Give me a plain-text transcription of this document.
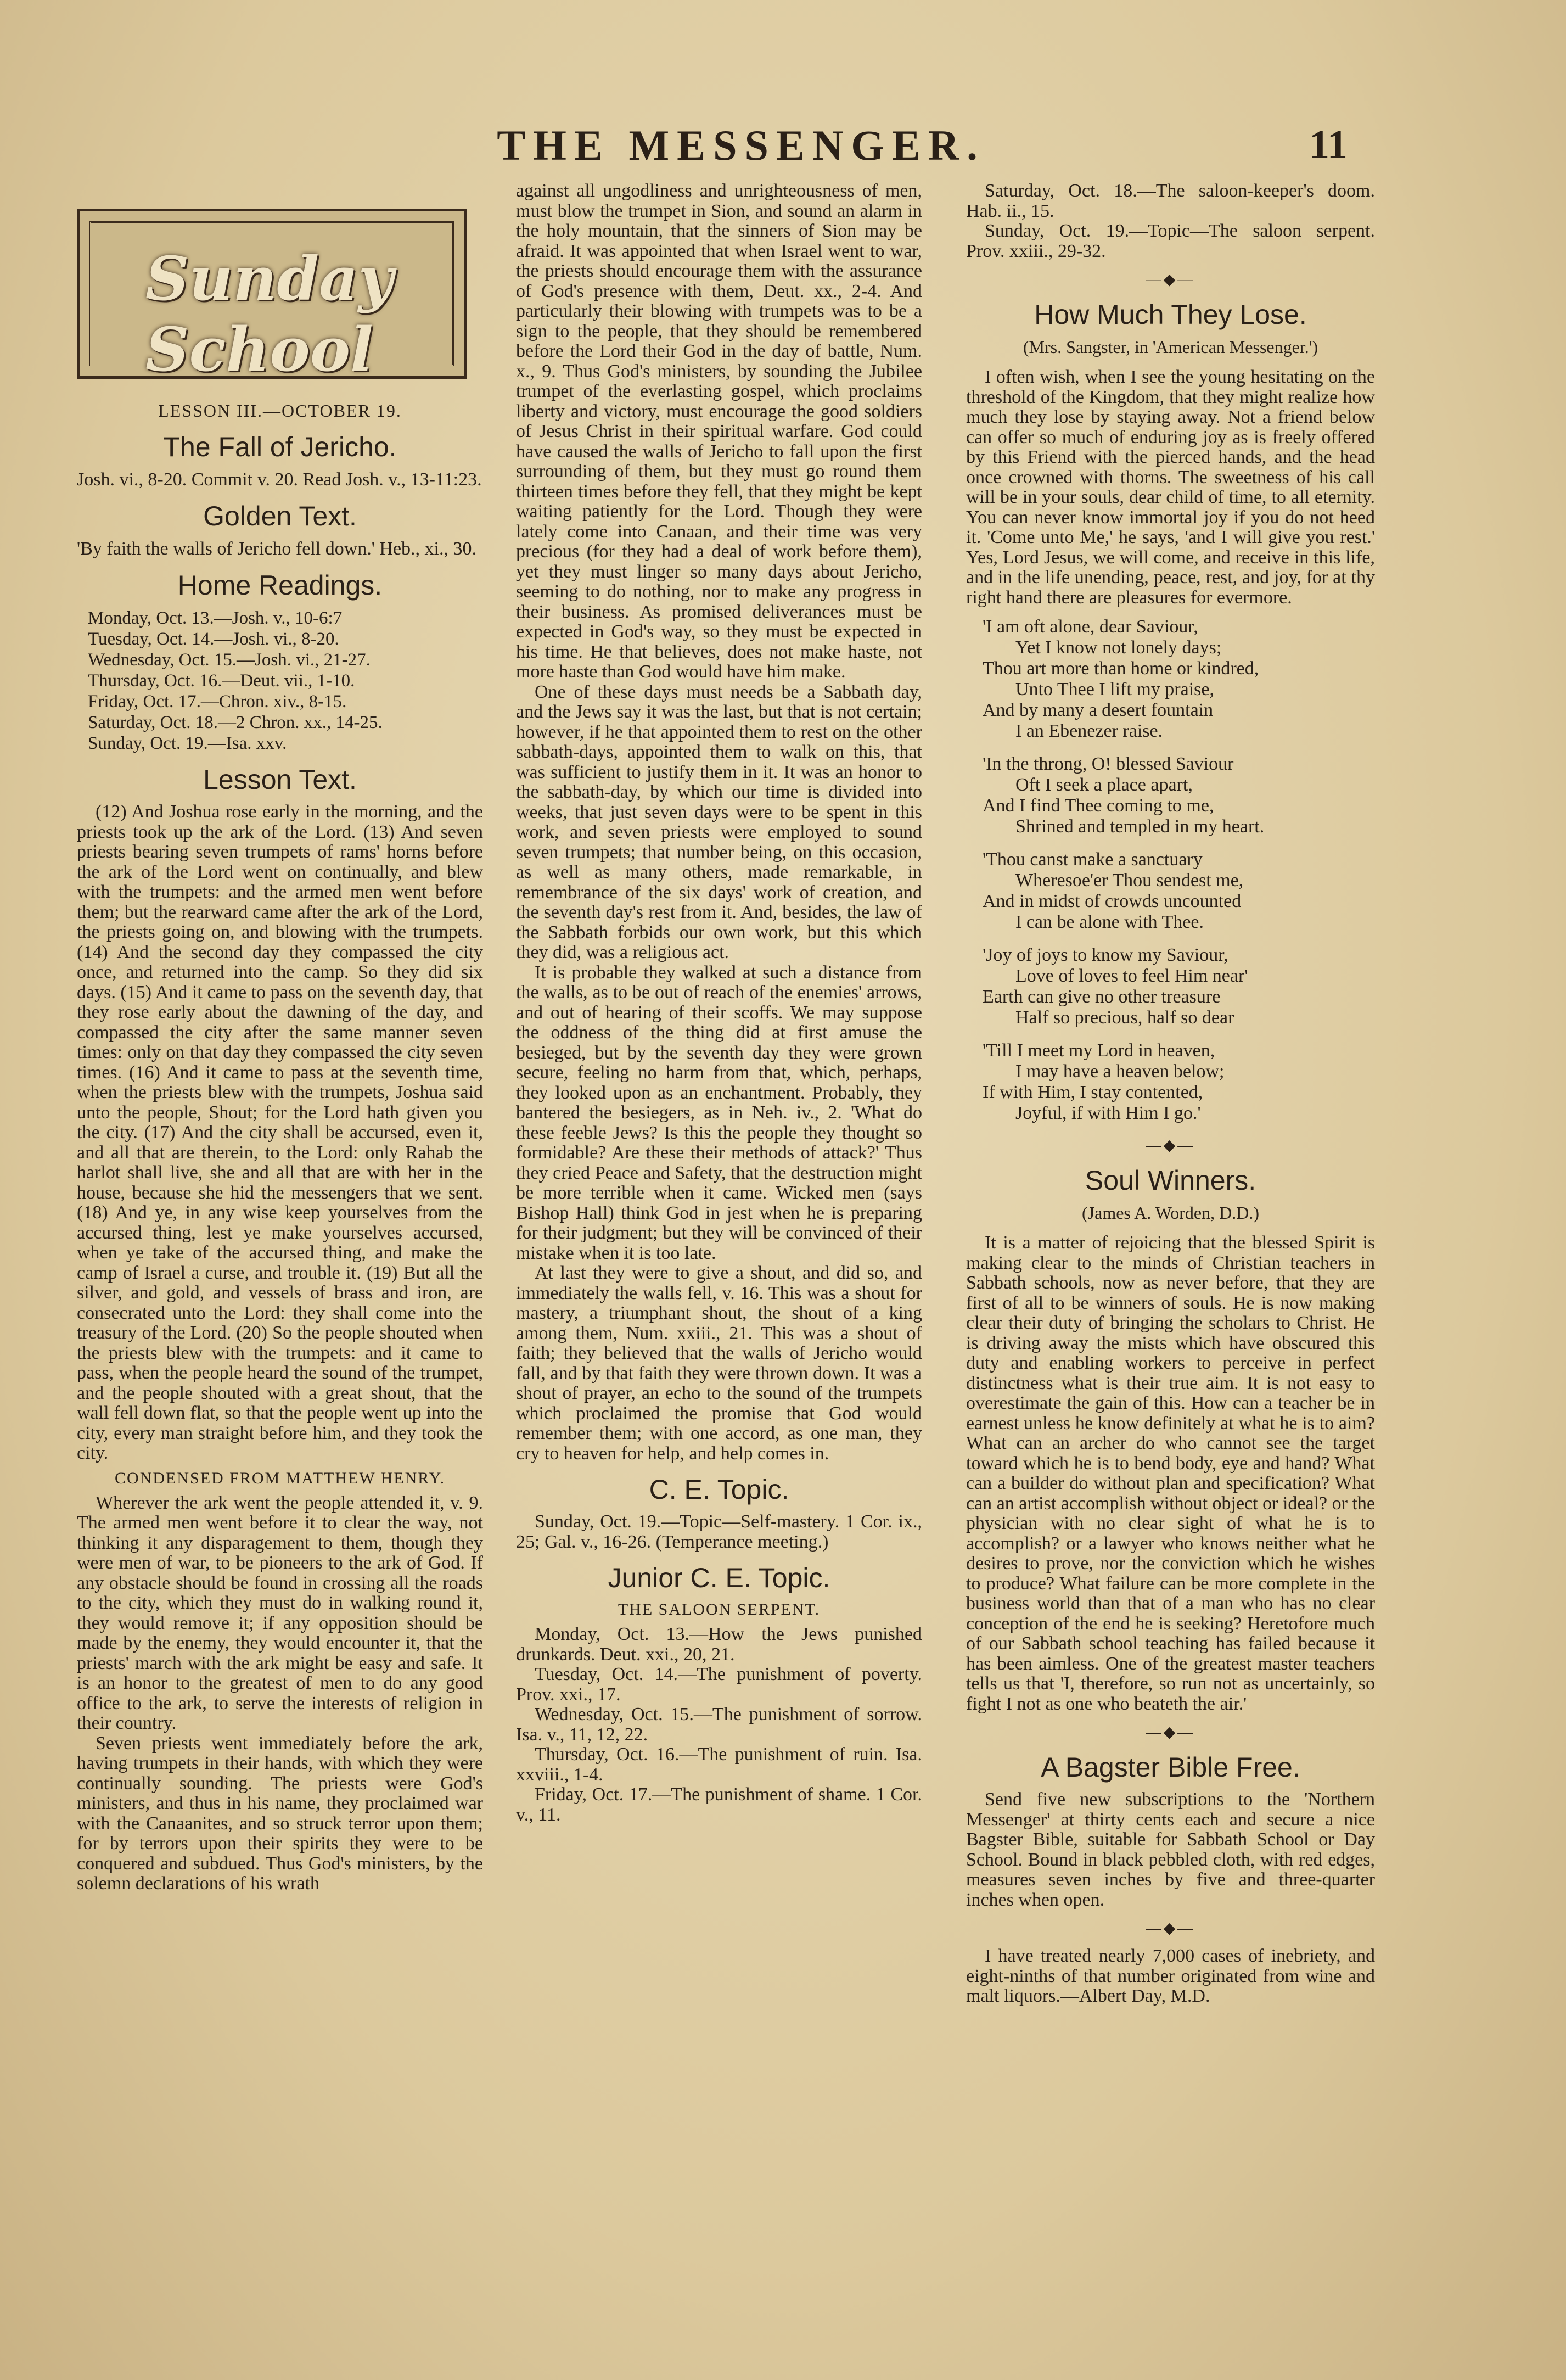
THE MESSENGER.	11
Sunday School
LESSON III.—OCTOBER 19.
The Fall of Jericho.

Josh. vi., 8-20. Commit v. 20. Read Josh. v., 13-11:23.

Golden Text.

'By faith the walls of Jericho fell down.' Heb., xi., 30.

Home Readings.

Monday, Oct. 13.—Josh. v., 10-6:7

Tuesday, Oct. 14.—Josh. vi., 8-20.

Wednesday, Oct. 15.—Josh. vi., 21-27.

Thursday, Oct. 16.—Deut. vii., 1-10.

Friday, Oct. 17.—Chron. xiv., 8-15.

Saturday, Oct. 18.—2 Chron. xx., 14-25.

Sunday, Oct. 19.—Isa. xxv.

Lesson Text.

(12) And Joshua rose early in the morning, and the priests took up the ark of the Lord. (13) And seven priests bearing seven trumpets of rams' horns before the ark of the Lord went on continually, and blew with the trumpets: and the armed men went before them; but the rearward came after the ark of the Lord, the priests going on, and blowing with the trumpets. (14) And the second day they compassed the city once, and returned into the camp. So they did six days. (15) And it came to pass on the seventh day, that they rose early about the dawning of the day, and compassed the city after the same manner seven times: only on that day they compassed the city seven times. (16) And it came to pass at the seventh time, when the priests blew with the trumpets, Joshua said unto the people, Shout; for the Lord hath given you the city. (17) And the city shall be accursed, even it, and all that are therein, to the Lord: only Rahab the harlot shall live, she and all that are with her in the house, because she hid the messengers that we sent. (18) And ye, in any wise keep yourselves from the accursed thing, lest ye make yourselves accursed, when ye take of the accursed thing, and make the camp of Israel a curse, and trouble it. (19) But all the silver, and gold, and vessels of brass and iron, are consecrated unto the Lord: they shall come into the treasury of the Lord. (20) So the people shouted when the priests blew with the trumpets: and it came to pass, when the people heard the sound of the trumpet, and the people shouted with a great shout, that the wall fell down flat, so that the people went up into the city, every man straight before him, and they took the city.

CONDENSED FROM MATTHEW HENRY.

Wherever the ark went the people attended it, v. 9. The armed men went before it to clear the way, not thinking it any disparagement to them, though they were men of war, to be pioneers to the ark of God. If any obstacle should be found in crossing all the roads to the city, which they must do in walking round it, they would remove it; if any opposition should be made by the enemy, they would encounter it, that the priests' march with the ark might be easy and safe. It is an honor to the greatest of men to do any good office to the ark, to serve the interests of religion in their country.

Seven priests went immediately before the ark, having trumpets in their hands, with which they were continually sounding. The priests were God's ministers, and thus in his name, they proclaimed war with the Canaanites, and so struck terror upon them; for by terrors upon their spirits they were to be conquered and subdued. Thus God's ministers, by the solemn declarations of his wrath

against all ungodliness and unrighteousness of men, must blow the trumpet in Sion, and sound an alarm in the holy mountain, that the sinners of Sion may be afraid. It was appointed that when Israel went to war, the priests should encourage them with the assurance of God's presence with them, Deut. xx., 2-4. And particularly their blowing with trumpets was to be a sign to the people, that they should be remembered before the Lord their God in the day of battle, Num. x., 9. Thus God's ministers, by sounding the Jubilee trumpet of the everlasting gospel, which proclaims liberty and victory, must encourage the good soldiers of Jesus Christ in their spiritual warfare. God could have caused the walls of Jericho to fall upon the first surrounding of them, but they must go round them thirteen times before they fell, that they might be kept waiting patiently for the Lord. Though they were lately come into Canaan, and their time was very precious (for they had a deal of work before them), yet they must linger so many days about Jericho, seeming to do nothing, nor to make any progress in their business. As promised deliverances must be expected in God's way, so they must be expected in his time. He that believes, does not make haste, not more haste than God would have him make.

One of these days must needs be a Sabbath day, and the Jews say it was the last, but that is not certain; however, if he that appointed them to rest on the other sabbath-days, appointed them to walk on this, that was sufficient to justify them in it. It was an honor to the sabbath-day, by which our time is divided into weeks, that just seven days were to be spent in this work, and seven priests were employed to sound seven trumpets; that number being, on this occasion, as well as many others, made remarkable, in remembrance of the six days' work of creation, and the seventh day's rest from it. And, besides, the law of the Sabbath forbids our own work, but this which they did, was a religious act.

It is probable they walked at such a distance from the walls, as to be out of reach of the enemies' arrows, and out of hearing of their scoffs. We may suppose the oddness of the thing did at first amuse the besieged, but by the seventh day they were grown secure, feeling no harm from that, which, perhaps, they looked upon as an enchantment. Probably, they bantered the besiegers, as in Neh. iv., 2. 'What do these feeble Jews? Is this the people they thought so formidable? Are these their methods of attack?' Thus they cried Peace and Safety, that the destruction might be more terrible when it came. Wicked men (says Bishop Hall) think God in jest when he is preparing for their judgment; but they will be convinced of their mistake when it is too late.

At last they were to give a shout, and did so, and immediately the walls fell, v. 16. This was a shout for mastery, a triumphant shout, the shout of a king among them, Num. xxiii., 21. This was a shout of faith; they believed that the walls of Jericho would fall, and by that faith they were thrown down. It was a shout of prayer, an echo to the sound of the trumpets which proclaimed the promise that God would remember them; with one accord, as one man, they cry to heaven for help, and help comes in.

C. E. Topic.

Sunday, Oct. 19.—Topic—Self-mastery. 1 Cor. ix., 25; Gal. v., 16-26. (Temperance meeting.)

Junior C. E. Topic.
THE SALOON SERPENT.

Monday, Oct. 13.—How the Jews punished drunkards. Deut. xxi., 20, 21.

Tuesday, Oct. 14.—The punishment of poverty. Prov. xxi., 17.

Wednesday, Oct. 15.—The punishment of sorrow. Isa. v., 11, 12, 22.

Thursday, Oct. 16.—The punishment of ruin. Isa. xxviii., 1-4.

Friday, Oct. 17.—The punishment of shame. 1 Cor. v., 11.

Saturday, Oct. 18.—The saloon-keeper's doom. Hab. ii., 15.

Sunday, Oct. 19.—Topic—The saloon serpent. Prov. xxiii., 29-32.

—◆—
How Much They Lose.
(Mrs. Sangster, in 'American Messenger.')

I often wish, when I see the young hesitating on the threshold of the Kingdom, that they might realize how much they lose by staying away. Not a friend below can offer so much of enduring joy as is freely offered by this Friend with the pierced hands, and the head once crowned with thorns. The sweetness of his call will be in your souls, dear child of time, to all eternity. You can never know immortal joy if you do not heed it. 'Come unto Me,' he says, 'and I will give you rest.' Yes, Lord Jesus, we will come, and receive in this life, and in the life unending, peace, rest, and joy, for at thy right hand there are pleasures for evermore.

'I am oft alone, dear Saviour,
Yet I know not lonely days;
Thou art more than home or kindred,
Unto Thee I lift my praise,
And by many a desert fountain
I an Ebenezer raise.
'In the throng, O! blessed Saviour
Oft I seek a place apart,
And I find Thee coming to me,
Shrined and templed in my heart.
'Thou canst make a sanctuary
Wheresoe'er Thou sendest me,
And in midst of crowds uncounted
I can be alone with Thee.
'Joy of joys to know my Saviour,
Love of loves to feel Him near'
Earth can give no other treasure
Half so precious, half so dear
'Till I meet my Lord in heaven,
I may have a heaven below;
If with Him, I stay contented,
Joyful, if with Him I go.'
—◆—
Soul Winners.
(James A. Worden, D.D.)

It is a matter of rejoicing that the blessed Spirit is making clear to the minds of Christian teachers in Sabbath schools, now as never before, that they are first of all to be winners of souls. He is now making clear their duty of bringing the scholars to Christ. He is driving away the mists which have obscured this duty and enabling workers to perceive in perfect distinctness what is their true aim. It is not easy to overestimate the gain of this. How can a teacher be in earnest unless he know definitely at what he is to aim? What can an archer do who cannot see the target toward which he is to bend body, eye and hand? What can a builder do without plan and specification? What can an artist accomplish without object or ideal? or the physician with no clear sight of what he is to accomplish? or a lawyer who knows neither what he desires to prove, nor the conviction which he wishes to produce? What failure can be more complete in the business world than that of a man who has no clear conception of the end he is seeking? Heretofore much of our Sabbath school teaching has failed because it has been aimless. One of the greatest master teachers tells us that 'I, therefore, so run not as uncertainly, so fight I not as one who beateth the air.'

—◆—
A Bagster Bible Free.

Send five new subscriptions to the 'Northern Messenger' at thirty cents each and secure a nice Bagster Bible, suitable for Sabbath School or Day School. Bound in black pebbled cloth, with red edges, measures seven inches by five and three-quarter inches when open.

—◆—

I have treated nearly 7,000 cases of inebriety, and eight-ninths of that number originated from wine and malt liquors.—Albert Day, M.D.
